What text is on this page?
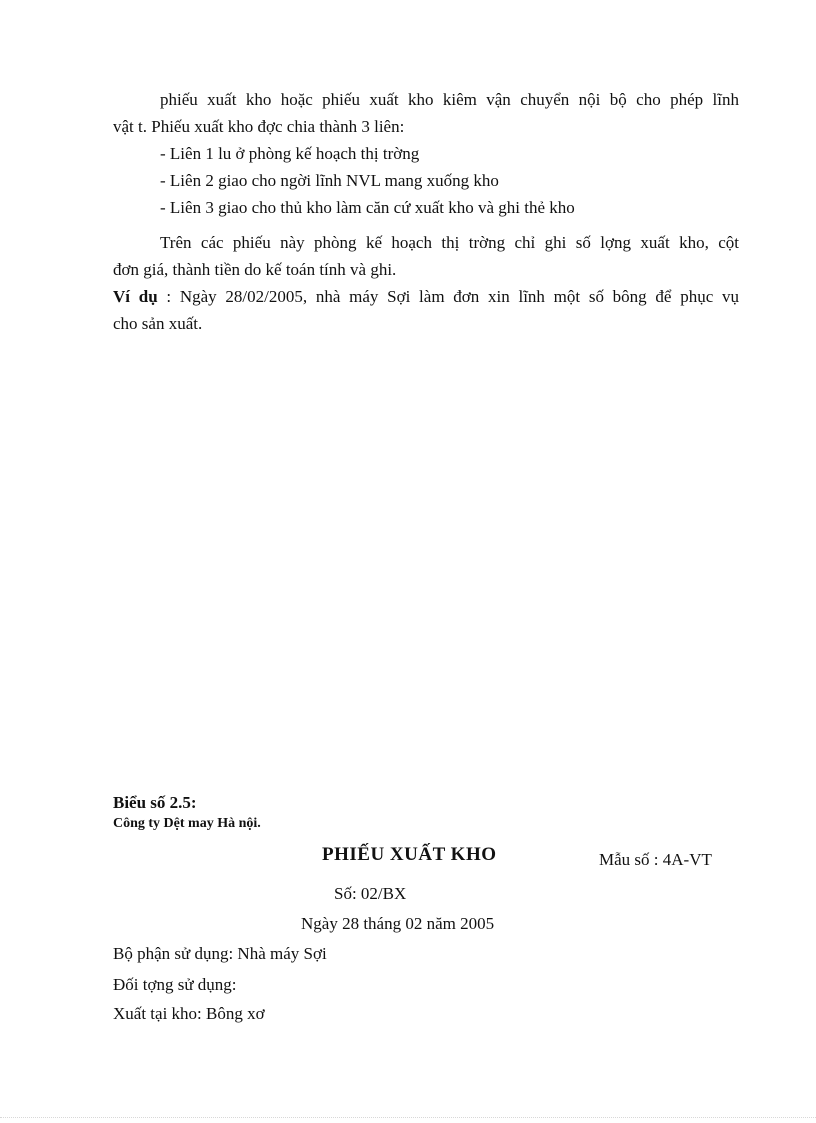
phiếu xuất kho hoặc phiếu xuất kho kiêm vận chuyển nội bộ cho phép lĩnh
vật t. Phiếu xuất kho đợc chia thành 3 liên:
- Liên 1 lu ở phòng kế hoạch thị trờng
- Liên 2 giao cho ngời lĩnh NVL mang xuống kho
- Liên 3 giao cho thủ kho làm căn cứ xuất kho và ghi thẻ kho
Trên các phiếu này phòng kế hoạch thị trờng chỉ ghi số lợng xuất kho, cột
đơn giá, thành tiền do kế toán tính và ghi.
Ví dụ : Ngày 28/02/2005, nhà máy Sợi làm đơn xin lĩnh một số bông để phục vụ
cho sản xuất.
Biểu số 2.5:
Công ty Dệt may Hà nội.
PHIẾU XUẤT KHO	Mẫu số : 4A-VT
Số: 02/BX
Ngày 28 tháng 02 năm 2005
Bộ phận sử dụng: Nhà máy Sợi
Đối tợng sử dụng:
Xuất tại kho: Bông xơ
